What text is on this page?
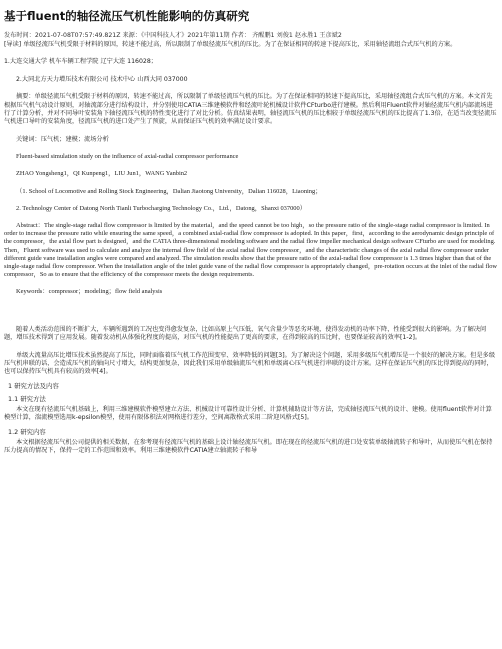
基于fluent的轴径流压气机性能影响的仿真研究
发布时间：2021-07-08T07:57:49.821Z 来源：《中国科技人才》2021年第11期 作者： 齐醒鹏1 刘俊1 赵永胜1 王彦斌2

[导读] 单级径流压气机受限于材料的原因，转速不能过高，所以限制了单级径流压气机的压比。为了在保证相同的转速下提高压比，采用轴径流组合式压气机的方案。

1.大连交通大学 机车车辆工程学院 辽宁大连 116028；

2.大同北方天力增压技术有限公司 技术中心 山西大同 037000

摘要：单级径流压气机受限于材料的原因，转速不能过高，所以限制了单级径流压气机的压比。为了在保证相同的转速下提高压比，采用轴径流组合式压气机的方案。本文首先根据压气机气动设计原则，对轴流部分进行结构设计，并分别使用CATIA三维建模软件和经流叶轮机械设计软件CFturbo进行建模。然后利用Fluent软件对轴径流压气机内部流场进行了计算分析，并对不同导叶安装角下轴径流压气机的特性变化进行了对比分析。仿真结果表明，轴径流压气机的压比相较于单级径流压气机的压比提高了1.3倍，在适当改变径流压气机进口导叶的安装角度，径流压气机的进口处产生了预旋，从而保证压气机的效率满足设计要求。

关键词：压气机；建模；流场分析

Fluent-based simulation study on the influence of axial-radial compressor performance

ZHAO Yongsheng1，QI Kunpeng1，LIU Jun1，WANG Yanbin2

（1. School of Locomotive and Rolling Stock Engineering，Dalian Jiaotong University，Dalian 116028，Liaoning；

2. Technology Center of Datong North Tianli Turbocharging Technology Co.，Ltd.，Datong，Shanxi 037000）

Abstract：The single-stage radial flow compressor is limited by the material，and the speed cannot be too high，so the pressure ratio of the single-stage radial compressor is limited. In order to increase the pressure ratio while ensuring the same speed，a combined axial-radial flow compressor is adopted. In this paper，first，according to the aerodynamic design principle of the compressor，the axial flow part is designed，and the CATIA three-dimensional modeling software and the radial flow impeller mechanical design software CFturbo are used for modeling. Then，Fluent software was used to calculate and analyze the internal flow field of the axial radial flow compressor，and the characteristic changes of the axial radial flow compressor under different guide vane installation angles were compared and analyzed. The simulation results show that the pressure ratio of the axial-radial flow compressor is 1.3 times higher than that of the single-stage radial flow compressor. When the installation angle of the inlet guide vane of the radial flow compressor is appropriately changed，pre-rotation occurs at the inlet of the radial flow compressor，So as to ensure that the efficiency of the compressor meets the design requirements.

Keywords：compressor；modeling；flow field analysis

随着人类活动范围的不断扩大，车辆所遇到的工况也变得愈发复杂，比如高原上气压低，氧气含量少等恶劣环境，使得发动机的功率下降，性能受到很大的影响。为了解决问题，增压技术得到了应用发展。随着发动机从体强化程度的提高，对压气机的性能提出了更高的要求，在得到较高的压比时，也要保证较高的效率[1-2]。

单级大流量高压比增压技术虽然提高了压比，同时面临着压气机工作范围变窄、效率降低的问题[3]。为了解决这个问题，采用多级压气机增压是一个很好的解决方案。但是多级压气机串联的话，会造成压气机的轴向尺寸增大，结构更加复杂，因此我们采用单级轴流压气机和单级离心压气机进行串联的设计方案。这样在保证压气机的压比得到提高的同时，也可以保持压气机具有较高的效率[4]。

1 研究方法及内容
1.1 研究方法

本文在现有径流压气机基础上，利用三维建模软件模型建立方法、机械设计可靠性设计分析、计算机辅助设计等方法，完成轴径流压气机的设计、建模。使用fluent软件对计算模型计算，湍流模型选用k-epsilon模型，使用有限体积法对网格进行差分，空间离散格式采用二阶迎风格式[5]。

1.2 研究内容

本文根据径流压气机公司提供的相关数据，在参考现有径流压气机的基础上设计轴径流压气机。即在现在的径流压气机的进口处安装单级轴流转子和导叶，从而使压气机在保持压力提高的情况下，保持一定的工作范围和效率。利用三维建模软件CATIA建立轴流转子和导
